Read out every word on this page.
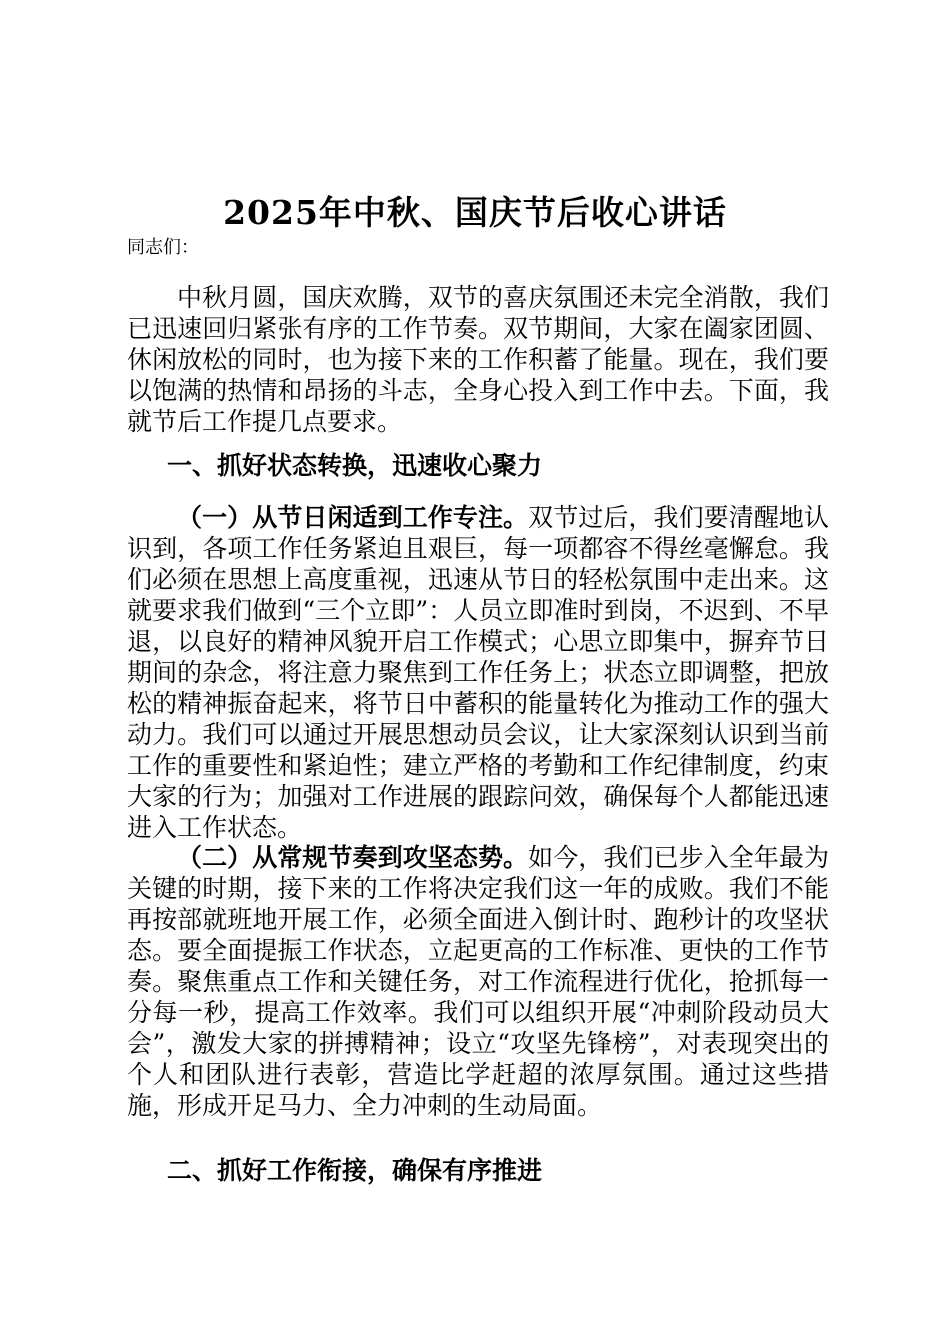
2025年中秋、国庆节后收心讲话
同志们：

中秋月圆，国庆欢腾，双节的喜庆氛围还未完全消散，我们已迅速回归紧张有序的工作节奏。双节期间，大家在阖家团圆、休闲放松的同时，也为接下来的工作积蓄了能量。现在，我们要以饱满的热情和昂扬的斗志，全身心投入到工作中去。下面，我就节后工作提几点要求。

一、抓好状态转换，迅速收心聚力

（一）从节日闲适到工作专注。双节过后，我们要清醒地认识到，各项工作任务紧迫且艰巨，每一项都容不得丝毫懈怠。我们必须在思想上高度重视，迅速从节日的轻松氛围中走出来。这就要求我们做到“三个立即”：人员立即准时到岗，不迟到、不早退，以良好的精神风貌开启工作模式；心思立即集中，摒弃节日期间的杂念，将注意力聚焦到工作任务上；状态立即调整，把放松的精神振奋起来，将节日中蓄积的能量转化为推动工作的强大动力。我们可以通过开展思想动员会议，让大家深刻认识到当前工作的重要性和紧迫性；建立严格的考勤和工作纪律制度，约束大家的行为；加强对工作进展的跟踪问效，确保每个人都能迅速进入工作状态。

（二）从常规节奏到攻坚态势。如今，我们已步入全年最为关键的时期，接下来的工作将决定我们这一年的成败。我们不能再按部就班地开展工作，必须全面进入倒计时、跑秒计的攻坚状态。要全面提振工作状态，立起更高的工作标准、更快的工作节奏。聚焦重点工作和关键任务，对工作流程进行优化，抢抓每一分每一秒，提高工作效率。我们可以组织开展“冲刺阶段动员大会”，激发大家的拼搏精神；设立“攻坚先锋榜”，对表现突出的个人和团队进行表彰，营造比学赶超的浓厚氛围。通过这些措施，形成开足马力、全力冲刺的生动局面。

二、抓好工作衔接，确保有序推进
